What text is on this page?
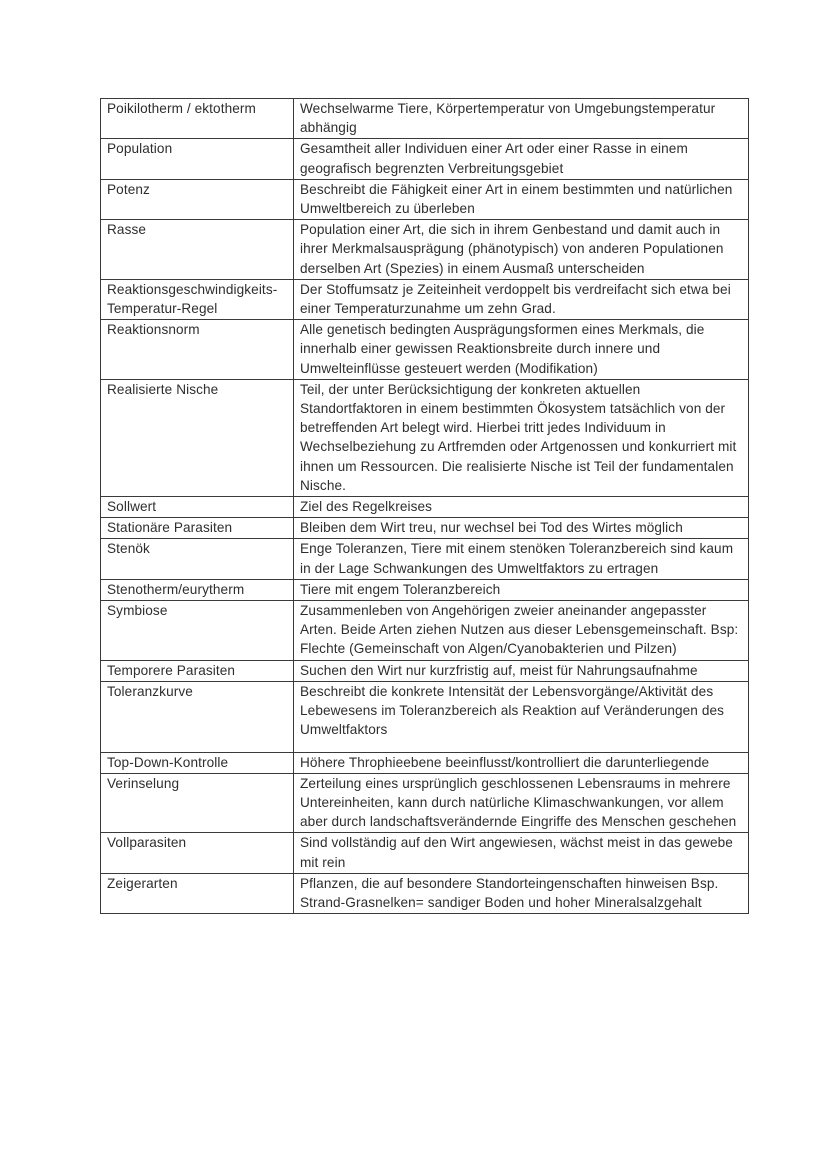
Poikilotherm / ektotherm	Wechselwarme Tiere, Körpertemperatur von Umgebungstemperatur abhängig
Population	Gesamtheit aller Individuen einer Art oder einer Rasse in einem geografisch begrenzten Verbreitungsgebiet
Potenz	Beschreibt die Fähigkeit einer Art in einem bestimmten und natürlichen Umweltbereich zu überleben
Rasse	Population einer Art, die sich in ihrem Genbestand und damit auch in ihrer Merkmalsausprägung (phänotypisch) von anderen Populationen derselben Art (Spezies) in einem Ausmaß unterscheiden
Reaktionsgeschwindigkeits-Temperatur-Regel	Der Stoffumsatz je Zeiteinheit verdoppelt bis verdreifacht sich etwa bei einer Temperaturzunahme um zehn Grad.
Reaktionsnorm	Alle genetisch bedingten Ausprägungsformen eines Merkmals, die innerhalb einer gewissen Reaktionsbreite durch innere und Umwelteinflüsse gesteuert werden (Modifikation)
Realisierte Nische	Teil, der unter Berücksichtigung der konkreten aktuellen Standortfaktoren in einem bestimmten Ökosystem tatsächlich von der betreffenden Art belegt wird. Hierbei tritt jedes Individuum in Wechselbeziehung zu Artfremden oder Artgenossen und konkurriert mit ihnen um Ressourcen. Die realisierte Nische ist Teil der fundamentalen Nische.
Sollwert	Ziel des Regelkreises
Stationäre Parasiten	Bleiben dem Wirt treu, nur wechsel bei Tod des Wirtes möglich
Stenök	Enge Toleranzen, Tiere mit einem stenöken Toleranzbereich sind kaum in der Lage Schwankungen des Umweltfaktors zu ertragen
Stenotherm/eurytherm	Tiere mit engem Toleranzbereich
Symbiose	Zusammenleben von Angehörigen zweier aneinander angepasster Arten. Beide Arten ziehen Nutzen aus dieser Lebensgemeinschaft. Bsp: Flechte (Gemeinschaft von Algen/Cyanobakterien und Pilzen)
Temporere Parasiten	Suchen den Wirt nur kurzfristig auf, meist für Nahrungsaufnahme
Toleranzkurve	Beschreibt die konkrete Intensität der Lebensvorgänge/Aktivität des Lebewesens im Toleranzbereich als Reaktion auf Veränderungen des Umweltfaktors

Top-Down-Kontrolle	Höhere Throphieebene beeinflusst/kontrolliert die darunterliegende
Verinselung	Zerteilung eines ursprünglich geschlossenen Lebensraums in mehrere Untereinheiten, kann durch natürliche Klimaschwankungen, vor allem aber durch landschaftsverändernde Eingriffe des Menschen geschehen
Vollparasiten	Sind vollständig auf den Wirt angewiesen, wächst meist in das gewebe mit rein
Zeigerarten	Pflanzen, die auf besondere Standorteingenschaften hinweisen Bsp. Strand-Grasnelken= sandiger Boden und hoher Mineralsalzgehalt
